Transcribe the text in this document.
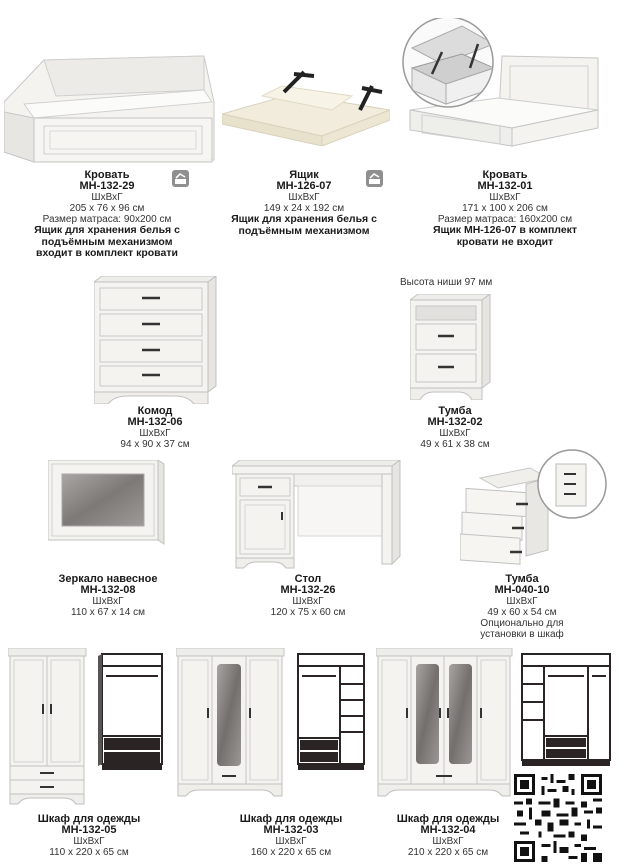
Кровать
МН-132-29
ШхВхГ
205 x 76 x 96 см
Размер матраса: 90х200 см
Ящик для хранения белья с
подъёмным механизмом
входит в комплект кровати
Ящик
МН-126-07
ШхВхГ
149 x 24 x 192 см
Ящик для хранения белья с
подъёмным механизмом
Кровать
МН-132-01
ШхВхГ
171 x 100 x 206 см
Размер матраса: 160х200 см
Ящик МН-126-07 в комплект
кровати не входит
Высота ниши 97 мм
Комод
МН-132-06
ШхВхГ
94 x 90 x 37 см
Тумба
МН-132-02
ШхВхГ
49 x 61 x 38 см
Зеркало навесное
МН-132-08
ШхВхГ
110 x 67 x 14 см
Стол
МН-132-26
ШхВхГ
120 x 75 x 60 см
Тумба
МН-040-10
ШхВхГ
49 x 60 x 54 см
Опционально для
установки в шкаф
Шкаф для одежды
МН-132-05
ШхВхГ
110 x 220 x 65 см
Шкаф для одежды
МН-132-03
ШхВхГ
160 x 220 x 65 см
Шкаф для одежды
МН-132-04
ШхВхГ
210 x 220 x 65 см
